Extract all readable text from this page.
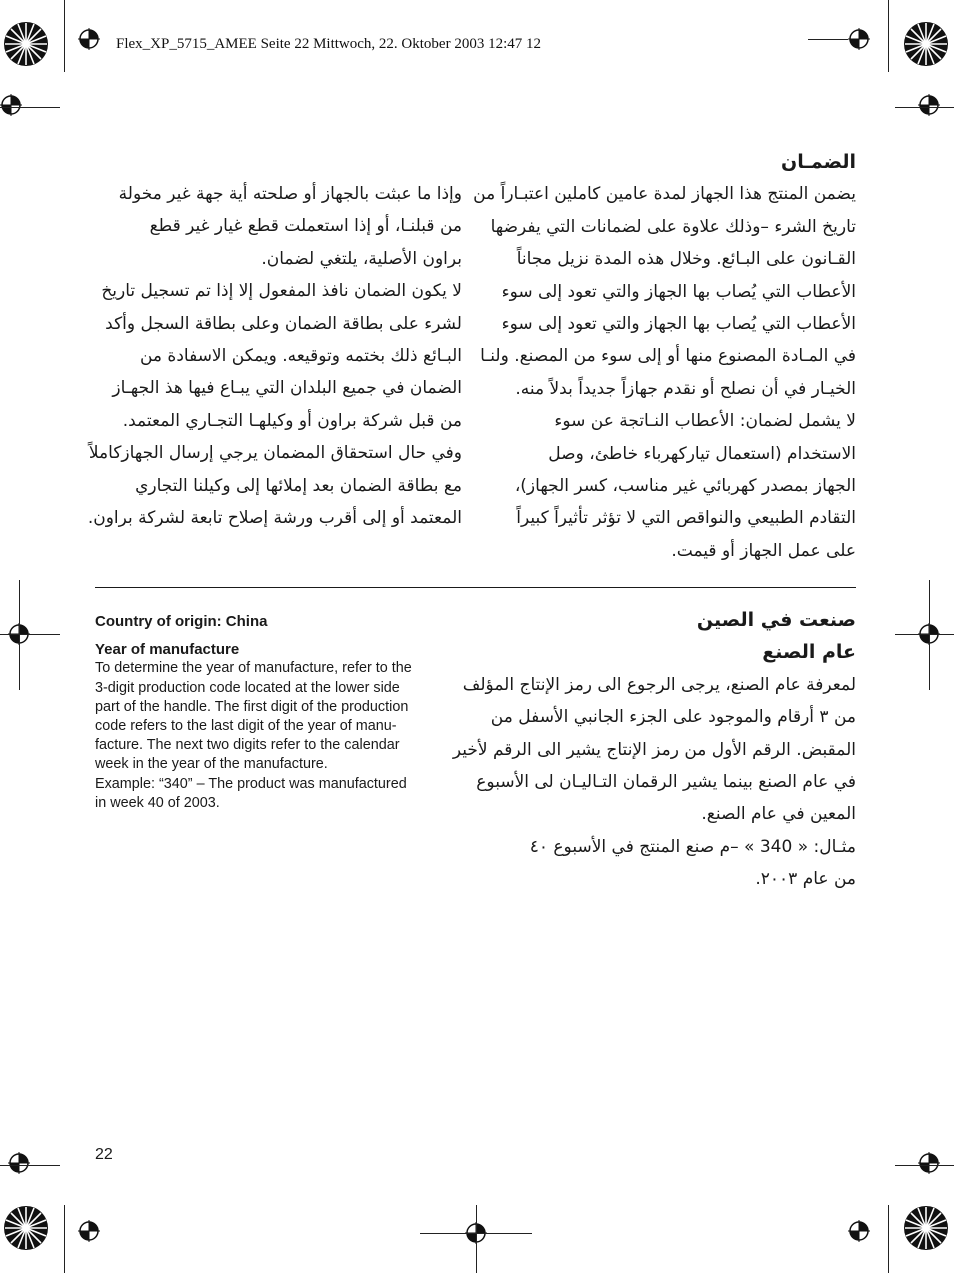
Flex_XP_5715_AMEE Seite 22 Mittwoch, 22. Oktober 2003 12:47 12

الضمـان

يضمن المنتج هذا الجهاز لمدة عامين كاملين اعتبـاراً من

تاريخ الشرء –وذلك علاوة على لضمانات التي يفرضها

القـانون على البـائع. وخلال هذه المدة نزيل مجاناً

الأعطاب التي يُصاب بها الجهاز والتي تعود إلى سوء

الأعطاب التي يُصاب بها الجهاز والتي تعود إلى سوء

في المـادة المصنوع منها أو إلى سوء من المصنع. ولنـا

الخيـار في أن نصلح أو نقدم جهازاً جديداً بدلاً منه.

لا يشمل لضمان: الأعطاب النـاتجة عن سوء

الاستخدام (استعمال تياركهرباء خاطئ، وصل

الجهاز بمصدر كهربائي غير مناسب، كسر الجهاز)،

التقادم الطبيعي والنواقص التي لا تؤثر تأثيراً كبيراً

على عمل الجهاز أو قيمت.

وإذا ما عبثت بالجهاز أو صلحته أية جهة غير مخولة

من قبلنـا، أو إذا استعملت قطع غيار غير قطع

براون الأصلية، يلتغي لضمان.

لا يكون الضمان نافذ المفعول إلا إذا تم تسجيل تاريخ

لشرء على بطاقة الضمان وعلى بطاقة السجل وأكد

البـائع ذلك بختمه وتوقيعه. ويمكن الاسفادة من

الضمان في جميع البلدان التي يبـاع فيها هذ الجهـاز

من قبل شركة براون أو وكيلهـا التجـاري المعتمد.

وفي حال استحقاق المضمان يرجي إرسال الجهازكاملاً

مع بطاقة الضمان بعد إملائها إلى وكيلنا التجاري

المعتمد أو إلى أقرب ورشة إصلاح تابعة لشركة براون.

Country of origin: China
Year of manufacture

To determine the year of manufacture, refer to the

3-digit production code located at the lower side

part of the handle. The first digit of the production

code refers to the last digit of the year of manu-

facture. The next two digits refer to the calendar

week in the year of the manufacture.

Example: “340” – The product was manufactured

in week 40 of 2003.

صنعت في الصين

عام الصنع

لمعرفة عام الصنع، يرجى الرجوع الى رمز الإنتاج المؤلف

من ٣ أرقام والموجود على الجزء الجانبي الأسفل من

المقبض. الرقم الأول من رمز الإنتاج يشير الى الرقم لأخير

في عام الصنع بينما يشير الرقمان التـاليـان لى الأسبوع

المعين في عام الصنع.

مثـال: « 340 » –م صنع المنتج في الأسبوع ٤٠

من عام ٢٠٠٣.

22
